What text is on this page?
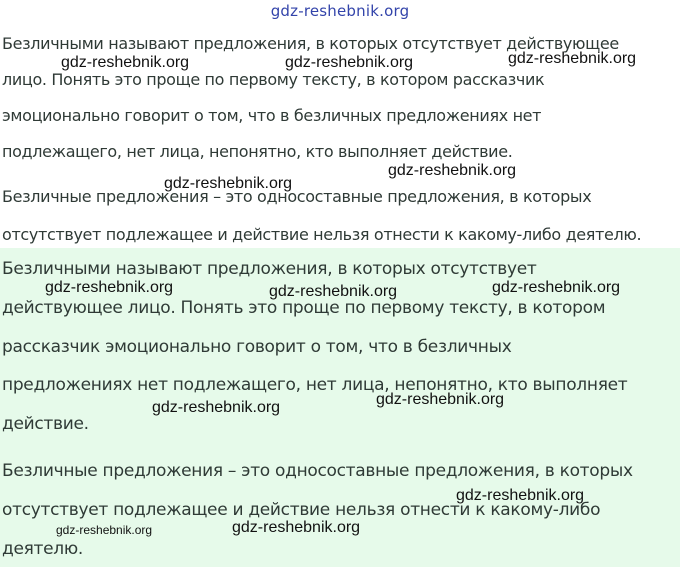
gdz-reshebnik.org
Безличными называют предложения, в которых отсутствует действующее
лицо. Понять это проще по первому тексту, в котором рассказчик
эмоционально говорит о том, что в безличных предложениях нет
подлежащего, нет лица, непонятно, кто выполняет действие.
Безличные предложения – это односоставные предложения, в которых
отсутствует подлежащее и действие нельзя отнести к какому-либо деятелю.
Безличными называют предложения, в которых отсутствует
действующее лицо. Понять это проще по первому тексту, в котором
рассказчик эмоционально говорит о том, что в безличных
предложениях нет подлежащего, нет лица, непонятно, кто выполняет
действие.
Безличные предложения – это односоставные предложения, в которых
отсутствует подлежащее и действие нельзя отнести к какому-либо
деятелю.
gdz-reshebnik.org	gdz-reshebnik.org	gdz-reshebnik.org
gdz-reshebnik.org
gdz-reshebnik.org
gdz-reshebnik.org	gdz-reshebnik.org	gdz-reshebnik.org
gdz-reshebnik.org	gdz-reshebnik.org
gdz-reshebnik.org
gdz-reshebnik.org
gdz-reshebnik.org
